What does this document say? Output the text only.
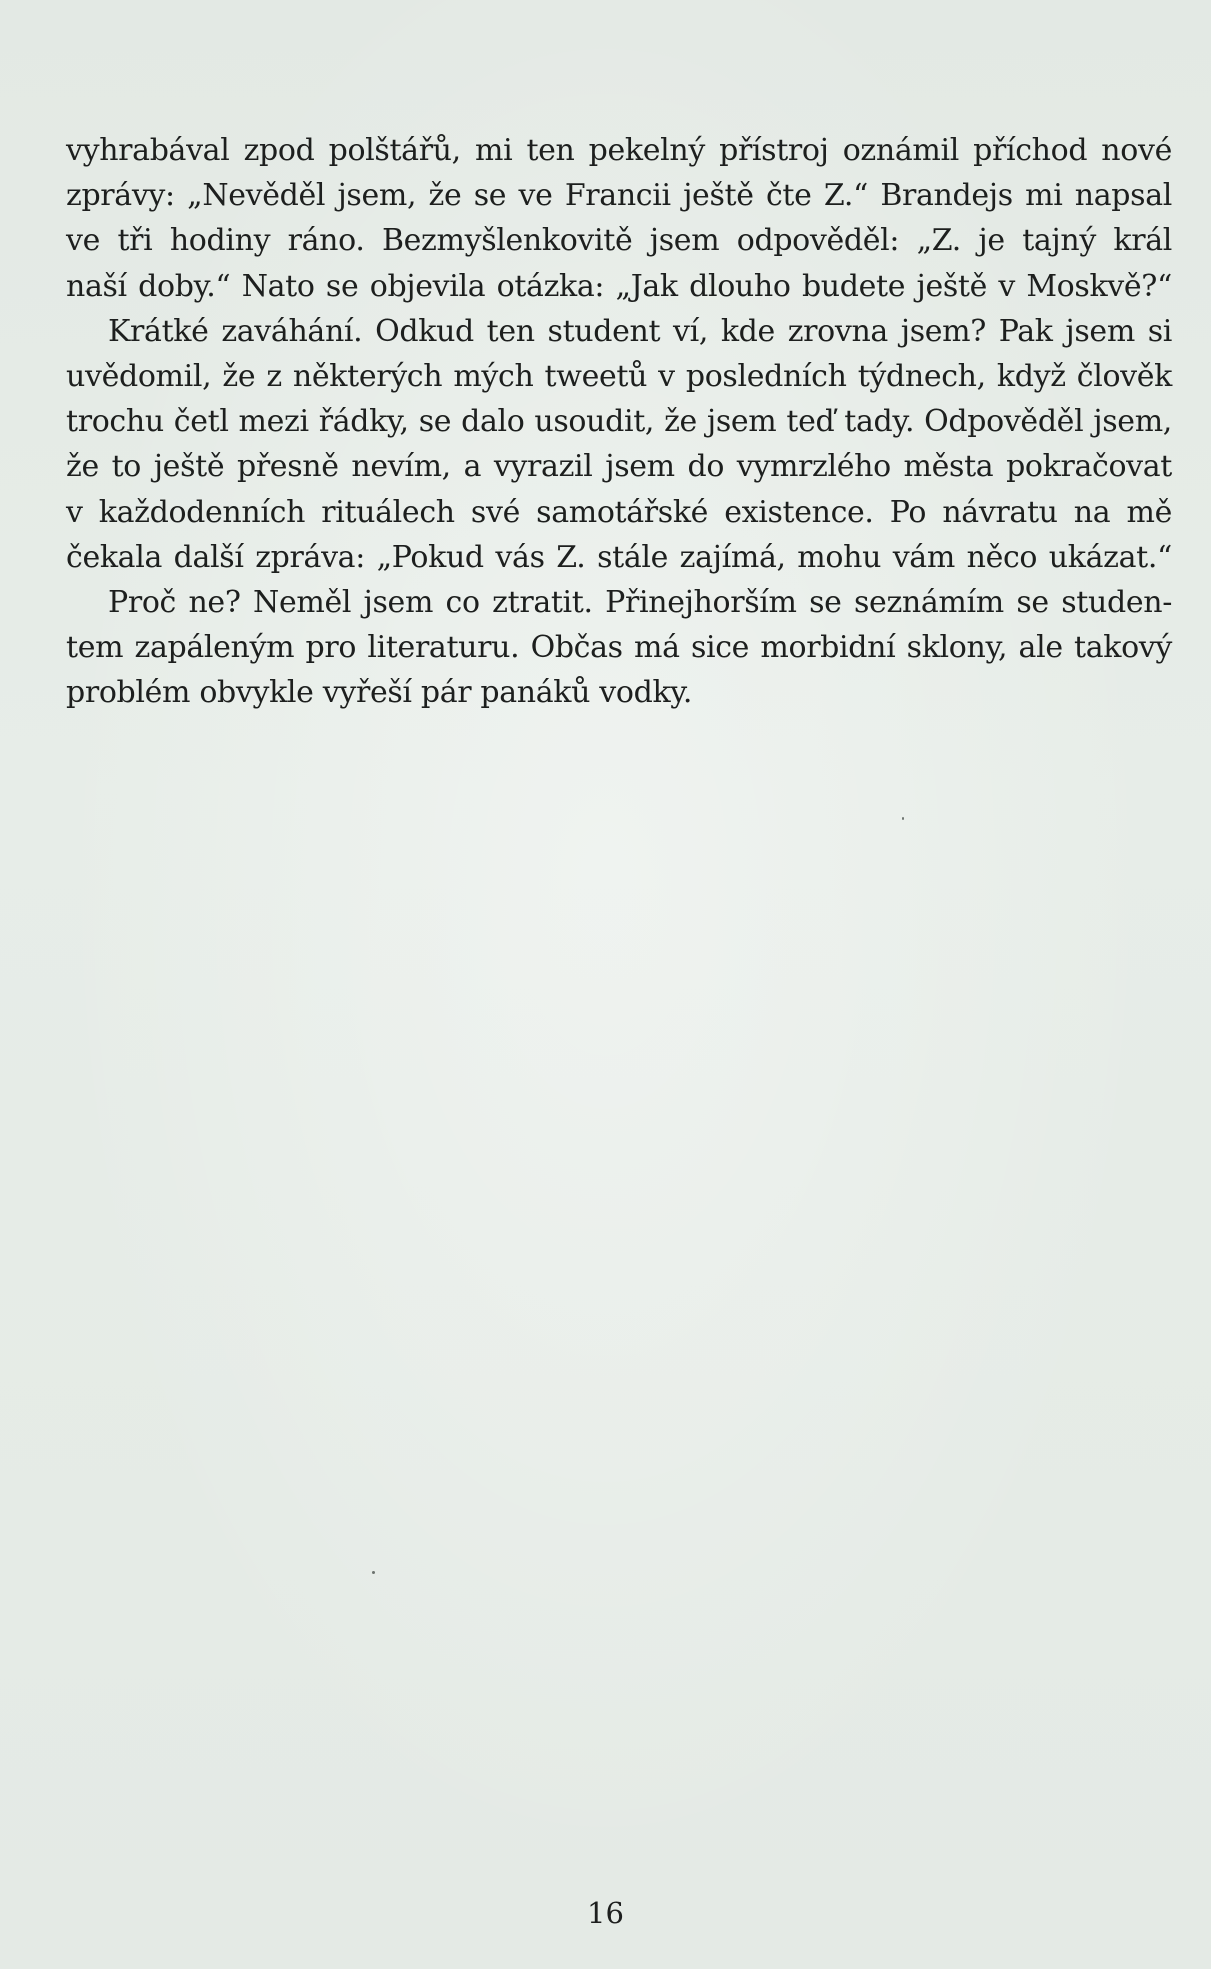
vyhrabával zpod polštářů, mi ten pekelný přístroj oznámil příchod nové
zprávy: „Nevěděl jsem, že se ve Francii ještě čte Z.“ Brandejs mi napsal
ve tři hodiny ráno. Bezmyšlenkovitě jsem odpověděl: „Z. je tajný král
naší doby.“ Nato se objevila otázka: „Jak dlouho budete ještě v Moskvě?“
Krátké zaváhání. Odkud ten student ví, kde zrovna jsem? Pak jsem si
uvědomil, že z některých mých tweetů v posledních týdnech, když člověk
trochu četl mezi řádky, se dalo usoudit, že jsem teď tady. Odpověděl jsem,
že to ještě přesně nevím, a vyrazil jsem do vymrzlého města pokračovat
v každodenních rituálech své samotářské existence. Po návratu na mě
čekala další zpráva: „Pokud vás Z. stále zajímá, mohu vám něco ukázat.“
Proč ne? Neměl jsem co ztratit. Přinejhorším se seznámím se studen-
tem zapáleným pro literaturu. Občas má sice morbidní sklony, ale takový
problém obvykle vyřeší pár panáků vodky.
16
